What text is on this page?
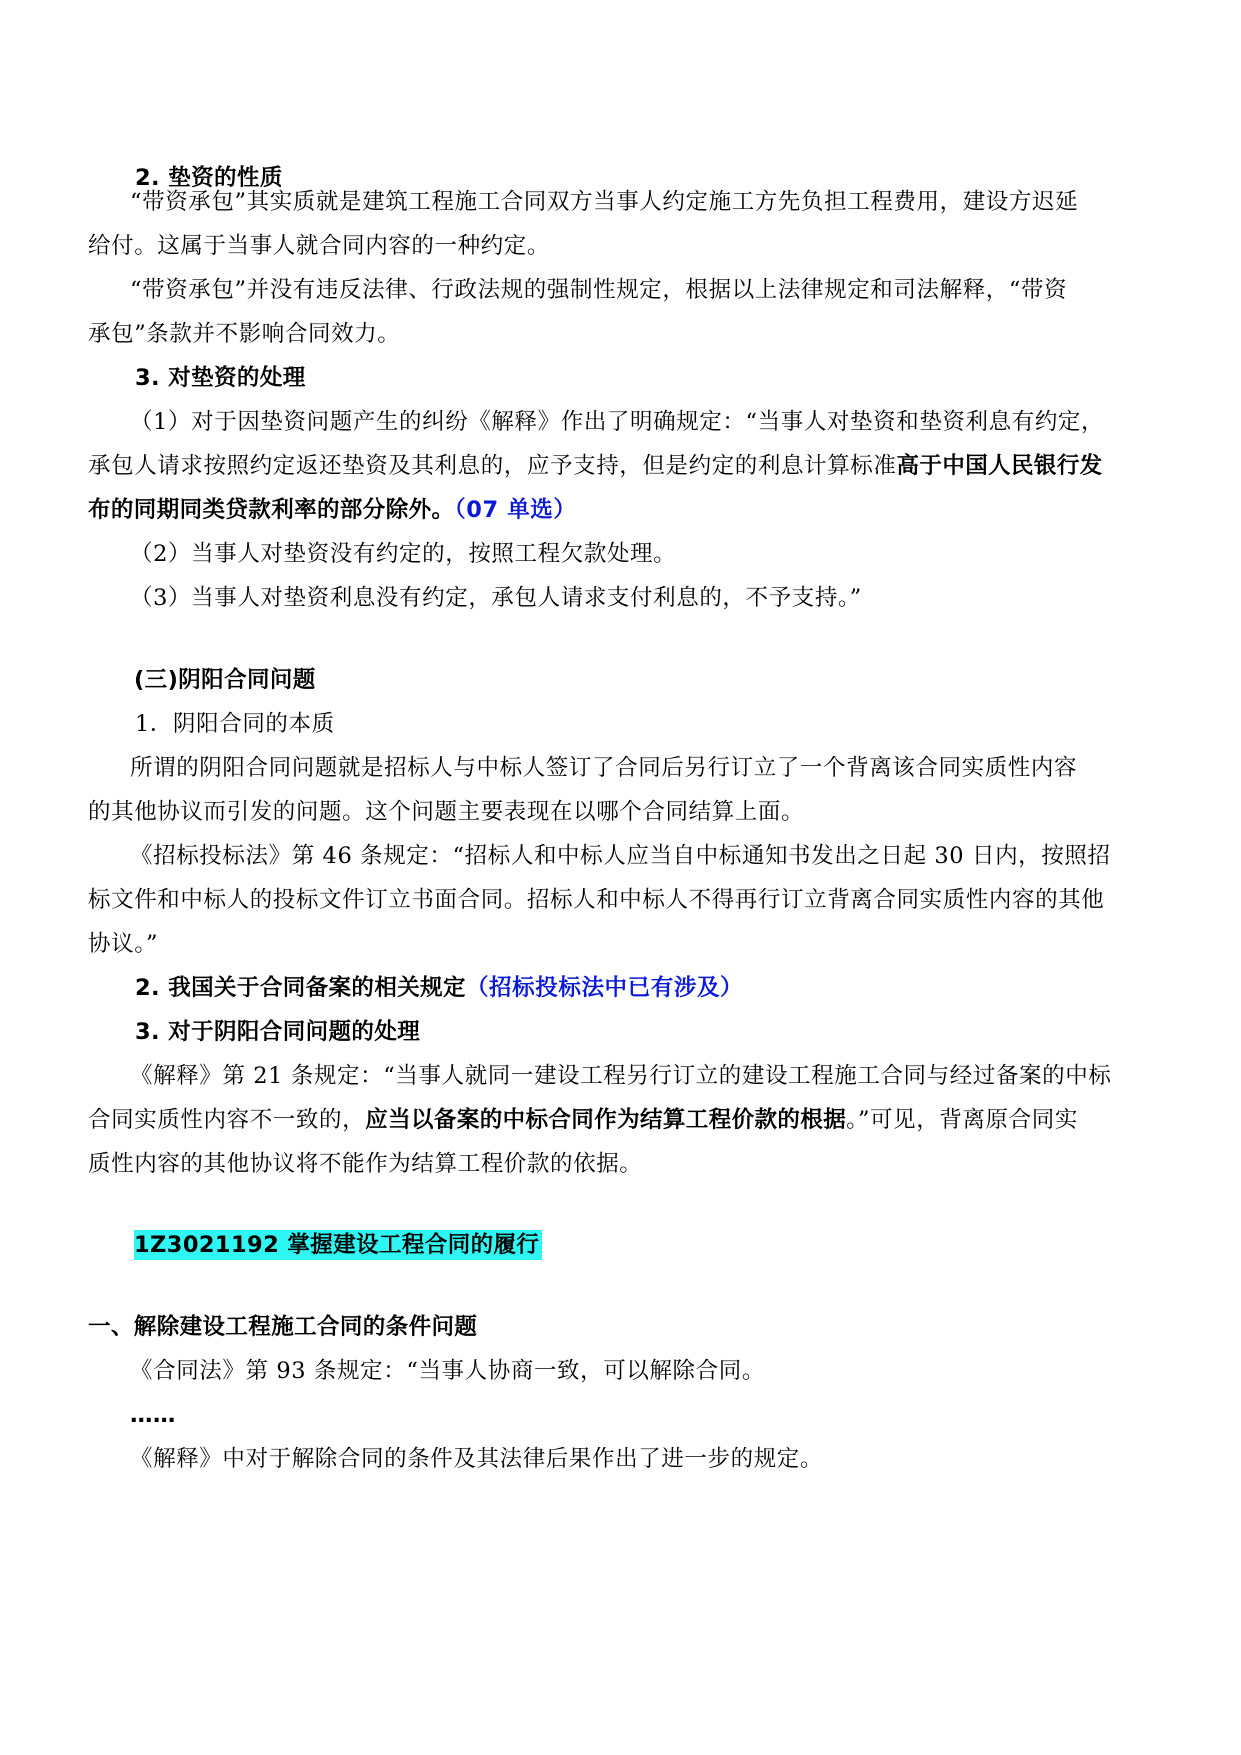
2. 垫资的性质
“带资承包”其实质就是建筑工程施工合同双方当事人约定施工方先负担工程费用，建设方迟延
给付。这属于当事人就合同内容的一种约定。
“带资承包”并没有违反法律、行政法规的强制性规定，根据以上法律规定和司法解释，“带资
承包”条款并不影响合同效力。
3. 对垫资的处理
（1）对于因垫资问题产生的纠纷《解释》作出了明确规定：“当事人对垫资和垫资利息有约定，
承包人请求按照约定返还垫资及其利息的，应予支持，但是约定的利息计算标准高于中国人民银行发
布的同期同类贷款利率的部分除外。（07 单选）
（2）当事人对垫资没有约定的，按照工程欠款处理。
（3）当事人对垫资利息没有约定，承包人请求支付利息的，不予支持。”
(三)阴阳合同问题
1．阴阳合同的本质
所谓的阴阳合同问题就是招标人与中标人签订了合同后另行订立了一个背离该合同实质性内容
的其他协议而引发的问题。这个问题主要表现在以哪个合同结算上面。
《招标投标法》第 46 条规定：“招标人和中标人应当自中标通知书发出之日起 30 日内，按照招
标文件和中标人的投标文件订立书面合同。招标人和中标人不得再行订立背离合同实质性内容的其他
协议。”
2. 我国关于合同备案的相关规定（招标投标法中已有涉及）
3. 对于阴阳合同问题的处理
《解释》第 21 条规定：“当事人就同一建设工程另行订立的建设工程施工合同与经过备案的中标
合同实质性内容不一致的，应当以备案的中标合同作为结算工程价款的根据。”可见，背离原合同实
质性内容的其他协议将不能作为结算工程价款的依据。
1Z3021192 掌握建设工程合同的履行
一、解除建设工程施工合同的条件问题
《合同法》第 93 条规定：“当事人协商一致，可以解除合同。
……
《解释》中对于解除合同的条件及其法律后果作出了进一步的规定。
